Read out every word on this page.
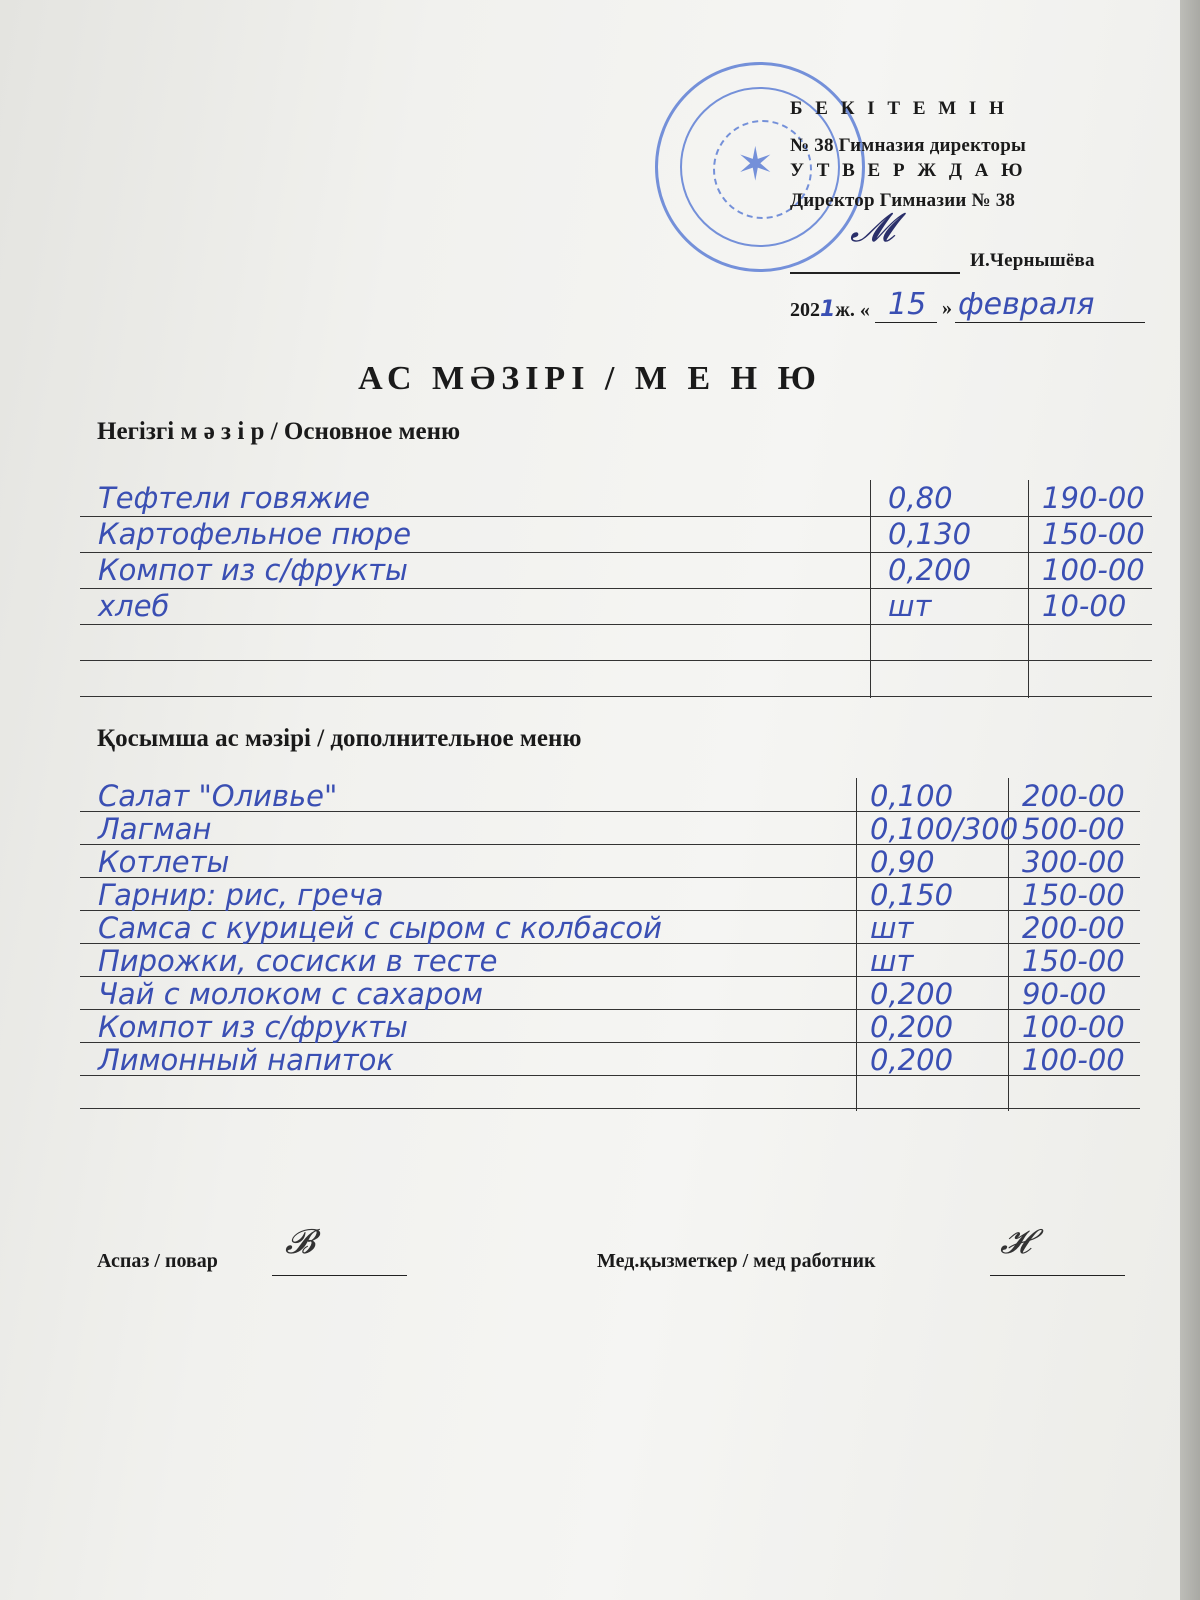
✶
Б Е К І Т Е М І Н
№ 38 Гимназия директоры
У Т В Е Р Ж Д А Ю
Директор Гимназии № 38
𝓜
И.Чернышёва
2021ж. « 15 » февраля
АС МӘЗІРІ / М Е Н Ю
Негізгі м ә з і р / Основное меню
Тефтели говяжие	0,80	190-00
Картофельное пюре	0,130 150-00
Компот из с/фрукты	0,200 100-00
хлеб	шт	10-00
Қосымша ас мәзірі / дополнительное меню
Салат "Оливье"	0,100 200-00
Лагман	0,100/300 500-00
Котлеты	0,90	300-00
Гарнир: рис, греча	0,150 150-00
Самса с курицей с сыром с колбасой	шт	200-00
Пирожки, сосиски в тесте	шт	150-00
Чай с молоком с сахаром	0,200 90-00
Компот из с/фрукты	0,200 100-00
Лимонный напиток	0,200 100-00
Аспаз / повар 𝓑	Мед.қызметкер / мед работник	𝓗
